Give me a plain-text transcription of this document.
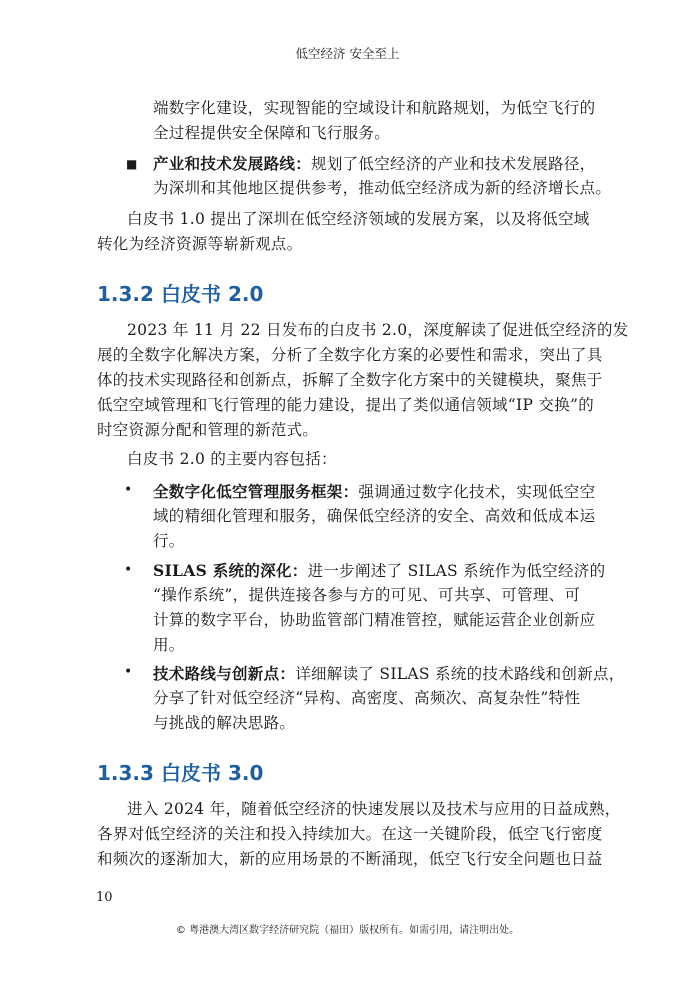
低空经济 安全至上
端数字化建设，实现智能的空域设计和航路规划，为低空飞行的
全过程提供安全保障和飞行服务。
■ 产业和技术发展路线：规划了低空经济的产业和技术发展路径，
为深圳和其他地区提供参考，推动低空经济成为新的经济增长点。
白皮书 1.0 提出了深圳在低空经济领域的发展方案，以及将低空域
转化为经济资源等崭新观点。
1.3.2 白皮书 2.0
2023 年 11 月 22 日发布的白皮书 2.0，深度解读了促进低空经济的发
展的全数字化解决方案，分析了全数字化方案的必要性和需求，突出了具
体的技术实现路径和创新点，拆解了全数字化方案中的关键模块，聚焦于
低空空域管理和飞行管理的能力建设，提出了类似通信领域“IP 交换”的
时空资源分配和管理的新范式。
白皮书 2.0 的主要内容包括：
• 全数字化低空管理服务框架：强调通过数字化技术，实现低空空
域的精细化管理和服务，确保低空经济的安全、高效和低成本运
行。
• SILAS 系统的深化：进一步阐述了 SILAS 系统作为低空经济的
“操作系统”，提供连接各参与方的可见、可共享、可管理、可
计算的数字平台，协助监管部门精准管控，赋能运营企业创新应
用。
• 技术路线与创新点：详细解读了 SILAS 系统的技术路线和创新点，
分享了针对低空经济“异构、高密度、高频次、高复杂性”特性
与挑战的解决思路。
1.3.3 白皮书 3.0
进入 2024 年，随着低空经济的快速发展以及技术与应用的日益成熟，
各界对低空经济的关注和投入持续加大。在这一关键阶段，低空飞行密度
和频次的逐渐加大，新的应用场景的不断涌现，低空飞行安全问题也日益
10
© 粤港澳大湾区数字经济研究院（福田）版权所有。如需引用，请注明出处。
